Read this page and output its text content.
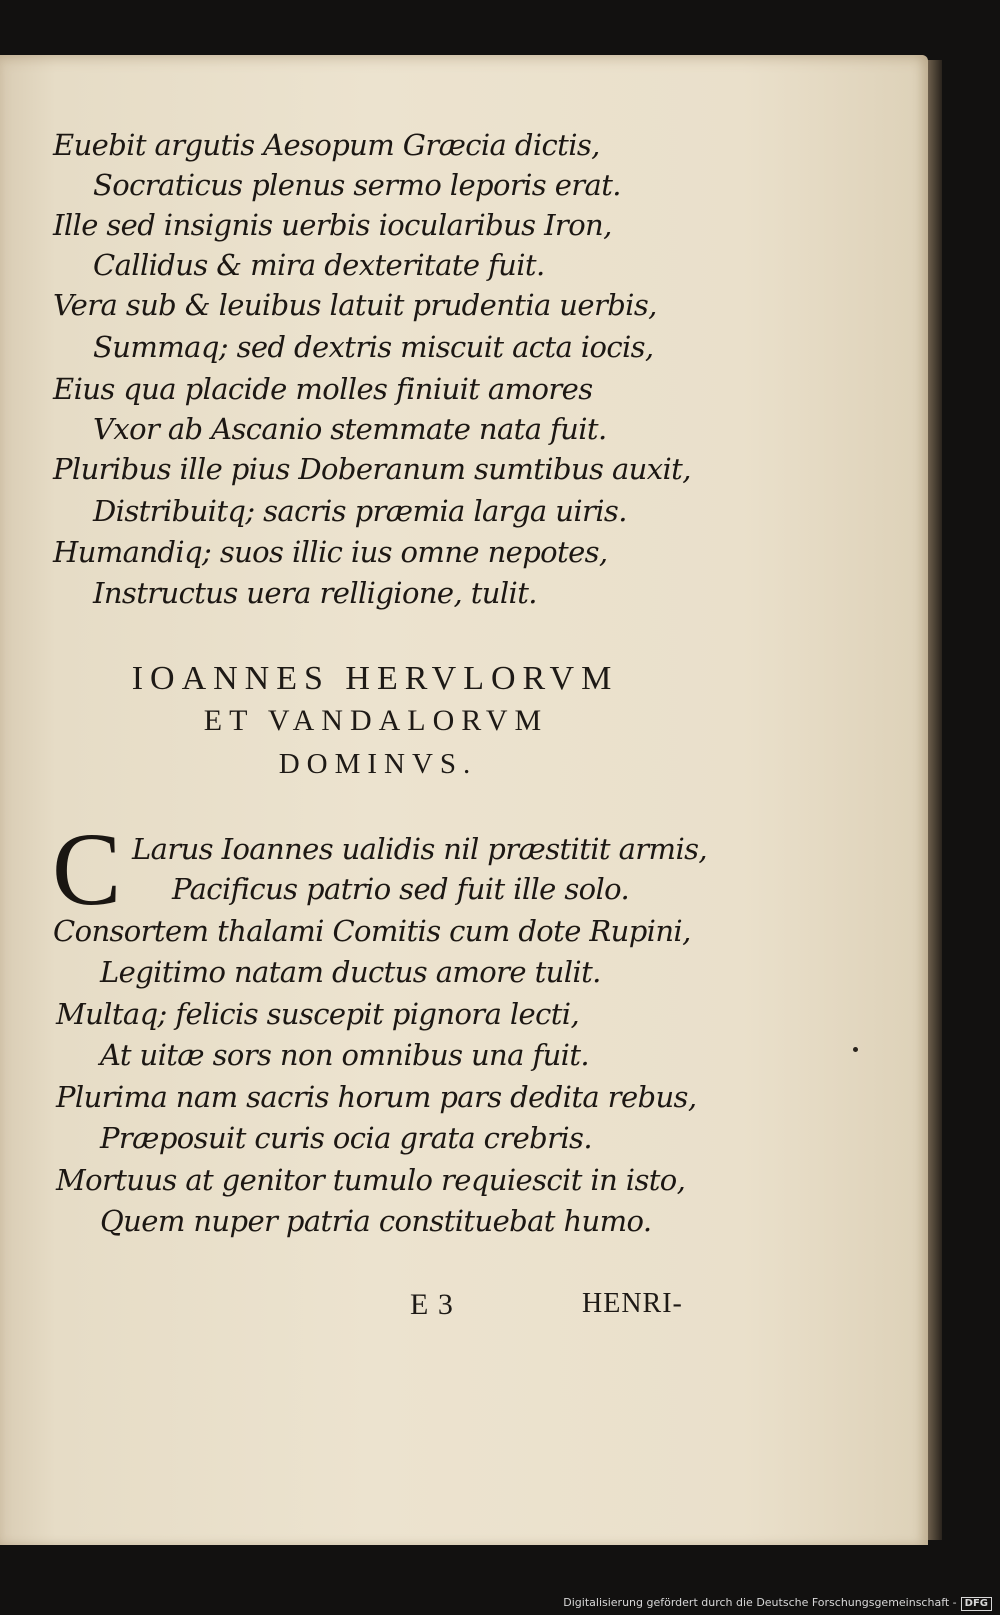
Euebit argutis Aesopum Græcia dictis,
Socraticus plenus sermo leporis erat.
Ille sed insignis uerbis iocularibus Iron,
Callidus & mira dexteritate fuit.
Vera sub & leuibus latuit prudentia uerbis,
Summaq; sed dextris miscuit acta iocis,
Eius qua placide molles finiuit amores
Vxor ab Ascanio stemmate nata fuit.
Pluribus ille pius Doberanum sumtibus auxit,
Distribuitq; sacris præmia larga uiris.
Humandiq; suos illic ius omne nepotes,
Instructus uera relligione, tulit.
IOANNES HERVLORVM
ET VANDALORVM
DOMINVS.
C Larus Ioannes ualidis nil præstitit armis,
Pacificus patrio sed fuit ille solo.
Consortem thalami Comitis cum dote Rupini,
Legitimo natam ductus amore tulit.
Multaq; felicis suscepit pignora lecti,
At uitæ sors non omnibus una fuit.
Plurima nam sacris horum pars dedita rebus,
Præposuit curis ocia grata crebris.
Mortuus at genitor tumulo requiescit in isto,
Quem nuper patria constituebat humo.
E 3	HENRI-
Digitalisierung gefördert durch die Deutsche Forschungsgemeinschaft - DFG
